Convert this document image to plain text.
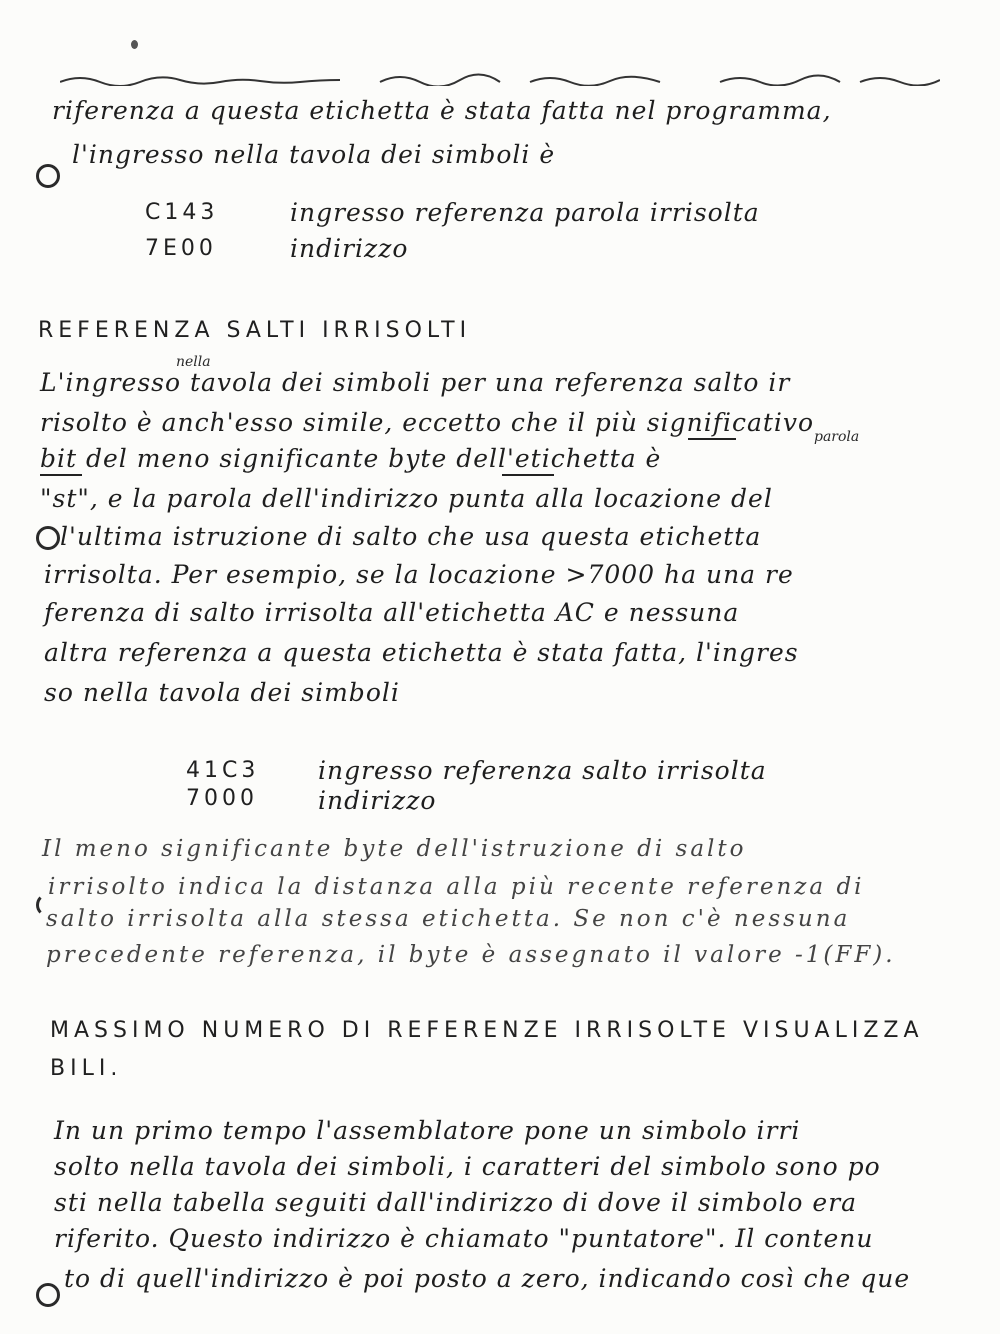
riferenza a questa etichetta è stata fatta nel programma,
l'ingresso nella tavola dei simboli è
C143	ingresso referenza parola irrisolta
7E00	indirizzo
REFERENZA SALTI IRRISOLTI
nella
parola
L'ingresso tavola dei simboli per una referenza salto ir
risolto è anch'esso simile, eccetto che il più significativo
bit del meno significante byte dell'etichetta è
"st", e la parola dell'indirizzo punta alla locazione del
l'ultima istruzione di salto che usa questa etichetta
irrisolta. Per esempio, se la locazione >7000 ha una re
ferenza di salto irrisolta all'etichetta AC e nessuna
altra referenza a questa etichetta è stata fatta, l'ingres
so nella tavola dei simboli
41C3 ingresso referenza salto irrisolta
7000 indirizzo
Il meno significante byte dell'istruzione di salto
irrisolto indica la distanza alla più recente referenza di
salto irrisolta alla stessa etichetta. Se non c'è nessuna
precedente referenza, il byte è assegnato il valore -1(FF).
MASSIMO NUMERO DI REFERENZE IRRISOLTE VISUALIZZA
BILI.
In un primo tempo l'assemblatore pone un simbolo irri
solto nella tavola dei simboli, i caratteri del simbolo sono po
sti nella tabella seguiti dall'indirizzo di dove il simbolo era
riferito. Questo indirizzo è chiamato "puntatore". Il contenu
to di quell'indirizzo è poi posto a zero, indicando così che que
